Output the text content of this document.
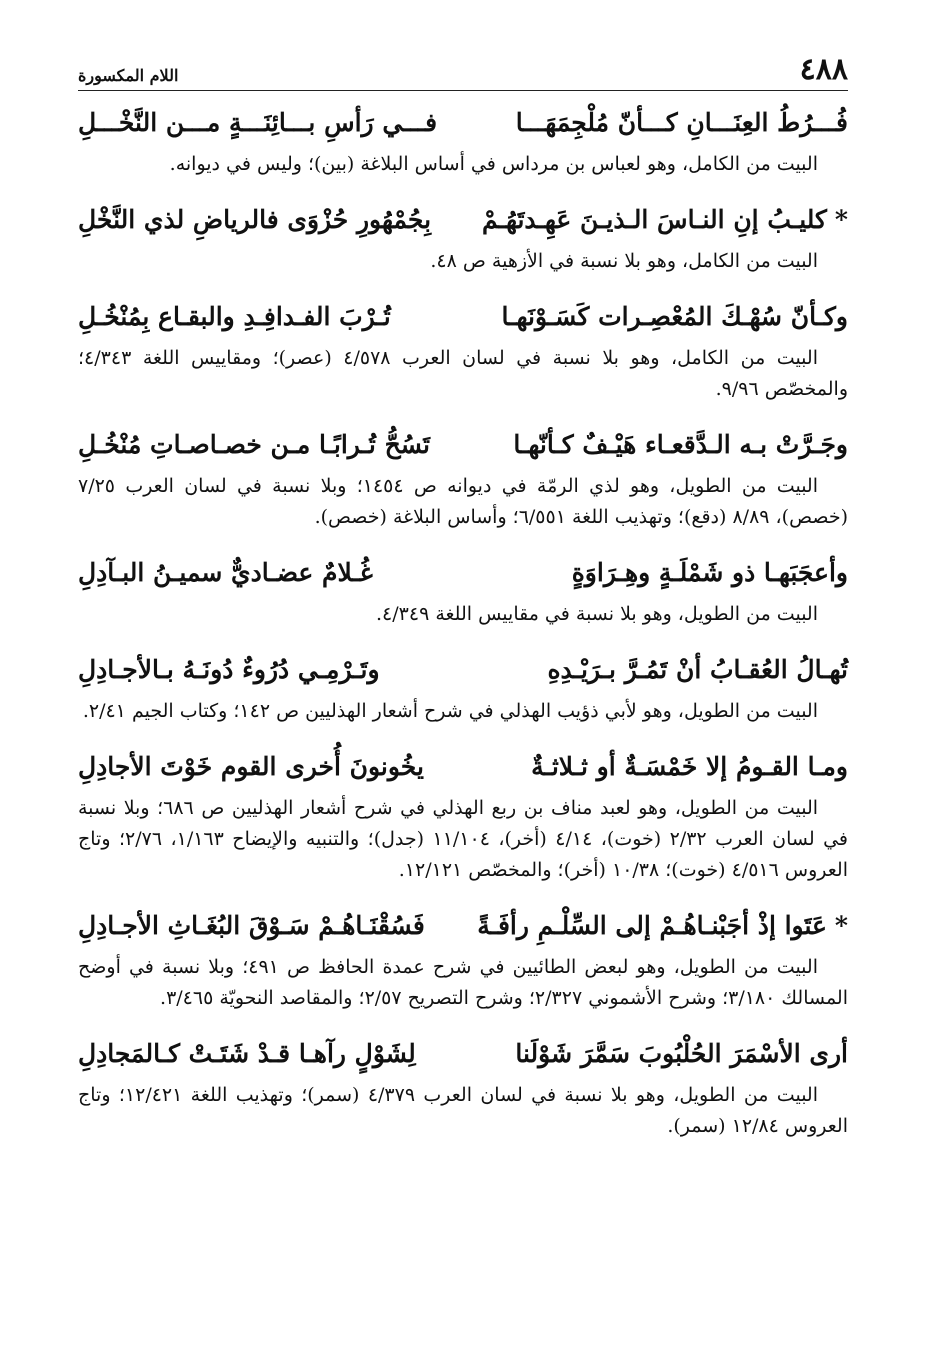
٤٨٨
اللام المكسورة
فُـــرُطُ العِنَـــانِ كـــأنّ مُلْجِمَهَـــا
فـــي رَأسِ بـــائِنَـــةٍ مـــن النَّخْـــلِ

البيت من الكامل، وهو لعباس بن مرداس في أساس البلاغة (بين)؛ وليس في ديوانه.

*كليـبُ إنِ النـاسَ الـذيـنَ عَهِـدتَهُـمْ
بِجُمْهُورِ حُزْوَى فالرياضِ لذي النَّخْلِ

البيت من الكامل، وهو بلا نسبة في الأزهية ص ٤٨.

وكـأنّ سُهْـكَ المُعْصِـرات كَسَـوْنَهـا
تُـرْبَ الفـدافِـدِ والبقـاع بِمُنْخُـلِ

البيت من الكامل، وهو بلا نسبة في لسان العرب ٤/٥٧٨ (عصر)؛ ومقاييس اللغة ٤/٣٤٣؛ والمخصّص ٩/٩٦.

وجَـرَّتْ بـه الـدَّقعـاء هَيْـفٌ كـأنّهـا
تَسُحُّ تُـرابًـا مـن خصـاصـاتِ مُنْخُـلِ

البيت من الطويل، وهو لذي الرمّة في ديوانه ص ١٤٥٤؛ وبلا نسبة في لسان العرب ٧/٢٥ (خصص)، ٨/٨٩ (دقع)؛ وتهذيب اللغة ٦/٥٥١؛ وأساس البلاغة (خصص).

وأعجَبَهـا ذو شَمْلَـةٍ وهِـرَاوَةٍ
غُـلامٌ عضـاديٌّ سميـنُ البـآدِلِ

البيت من الطويل، وهو بلا نسبة في مقاييس اللغة ٤/٣٤٩.

تُهـالُ العُقـابُ أنْ تَمُـرَّ بـرَيْـدِهِ
وتَـرْمِـي دُرُوءٌ دُونَـهُ بـالأجـادِلِ

البيت من الطويل، وهو لأبي ذؤيب الهذلي في شرح أشعار الهذليين ص ١٤٢؛ وكتاب الجيم ٢/٤١.

ومـا القـومُ إلا خَمْسَـةٌ أو ثـلاثـةٌ
يخُونونَ أُخرى القوم خَوْتَ الأجادِلِ

البيت من الطويل، وهو لعبد مناف بن ربع الهذلي في شرح أشعار الهذليين ص ٦٨٦؛ وبلا نسبة في لسان العرب ٢/٣٢ (خوت)، ٤/١٤ (أخر)، ١١/١٠٤ (جدل)؛ والتنبيه والإيضاح ١/١٦٣، ٢/٧٦؛ وتاج العروس ٤/٥١٦ (خوت)؛ ١٠/٣٨ (أخر)؛ والمخصّص ١٢/١٢١.

*عَتَوا إذْ أجَبْنـاهُـمْ إلى السِّلْـمِ رأفَـةً
فَسُقْنَـاهُـمْ سَـوْقَ البُغَـاثِ الأجـادِلِ

البيت من الطويل، وهو لبعض الطائيين في شرح عمدة الحافظ ص ٤٩١؛ وبلا نسبة في أوضح المسالك ٣/١٨٠؛ وشرح الأشموني ٢/٣٢٧؛ وشرح التصريح ٢/٥٧؛ والمقاصد النحويّة ٣/٤٦٥.

أرى الأسْمَرَ الحُلْبُوبَ سَمَّرَ شَوْلَنا
لِشَوْلٍ رآهـا قـدْ شَتَـتْ كـالمَجادِلِ

البيت من الطويل، وهو بلا نسبة في لسان العرب ٤/٣٧٩ (سمر)؛ وتهذيب اللغة ١٢/٤٢١؛ وتاج العروس ١٢/٨٤ (سمر).
